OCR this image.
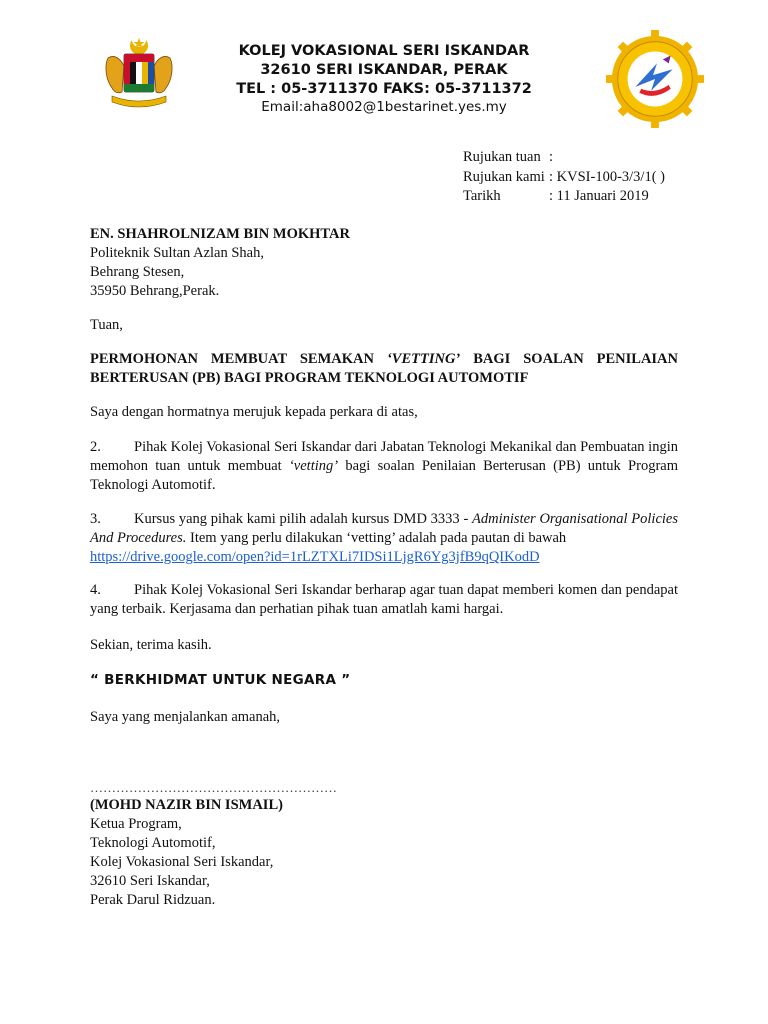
KOLEJ VOKASIONAL SERI ISKANDAR
32610 SERI ISKANDAR, PERAK
TEL : 05-3711370 FAKS: 05-3711372
Email:aha8002@1bestarinet.yes.my
Rujukan tuan :
Rujukan kami : KVSI-100-3/3/1( )
Tarikh	: 11 Januari 2019
EN. SHAHROLNIZAM BIN MOKHTAR
Politeknik Sultan Azlan Shah,
Behrang Stesen,
35950 Behrang,Perak.
Tuan,
PERMOHONAN MEMBUAT SEMAKAN ‘VETTING’ BAGI SOALAN PENILAIAN BERTERUSAN (PB) BAGI PROGRAM TEKNOLOGI AUTOMOTIF
Saya dengan hormatnya merujuk kepada perkara di atas,
2. Pihak Kolej Vokasional Seri Iskandar dari Jabatan Teknologi Mekanikal dan Pembuatan ingin memohon tuan untuk membuat ‘vetting’ bagi soalan Penilaian Berterusan (PB) untuk Program Teknologi Automotif.
3. Kursus yang pihak kami pilih adalah kursus DMD 3333 - Administer Organisational Policies And Procedures. Item yang perlu dilakukan ‘vetting’ adalah pada pautan di bawah
https://drive.google.com/open?id=1rLZTXLi7IDSi1LjgR6Yg3jfB9qQIKodD
4. Pihak Kolej Vokasional Seri Iskandar berharap agar tuan dapat memberi komen dan pendapat yang terbaik. Kerjasama dan perhatian pihak tuan amatlah kami hargai.
Sekian, terima kasih.
“ BERKHIDMAT UNTUK NEGARA ”
Saya yang menjalankan amanah,
…………………………………………………
(MOHD NAZIR BIN ISMAIL)
Ketua Program,
Teknologi Automotif,
Kolej Vokasional Seri Iskandar,
32610 Seri Iskandar,
Perak Darul Ridzuan.
